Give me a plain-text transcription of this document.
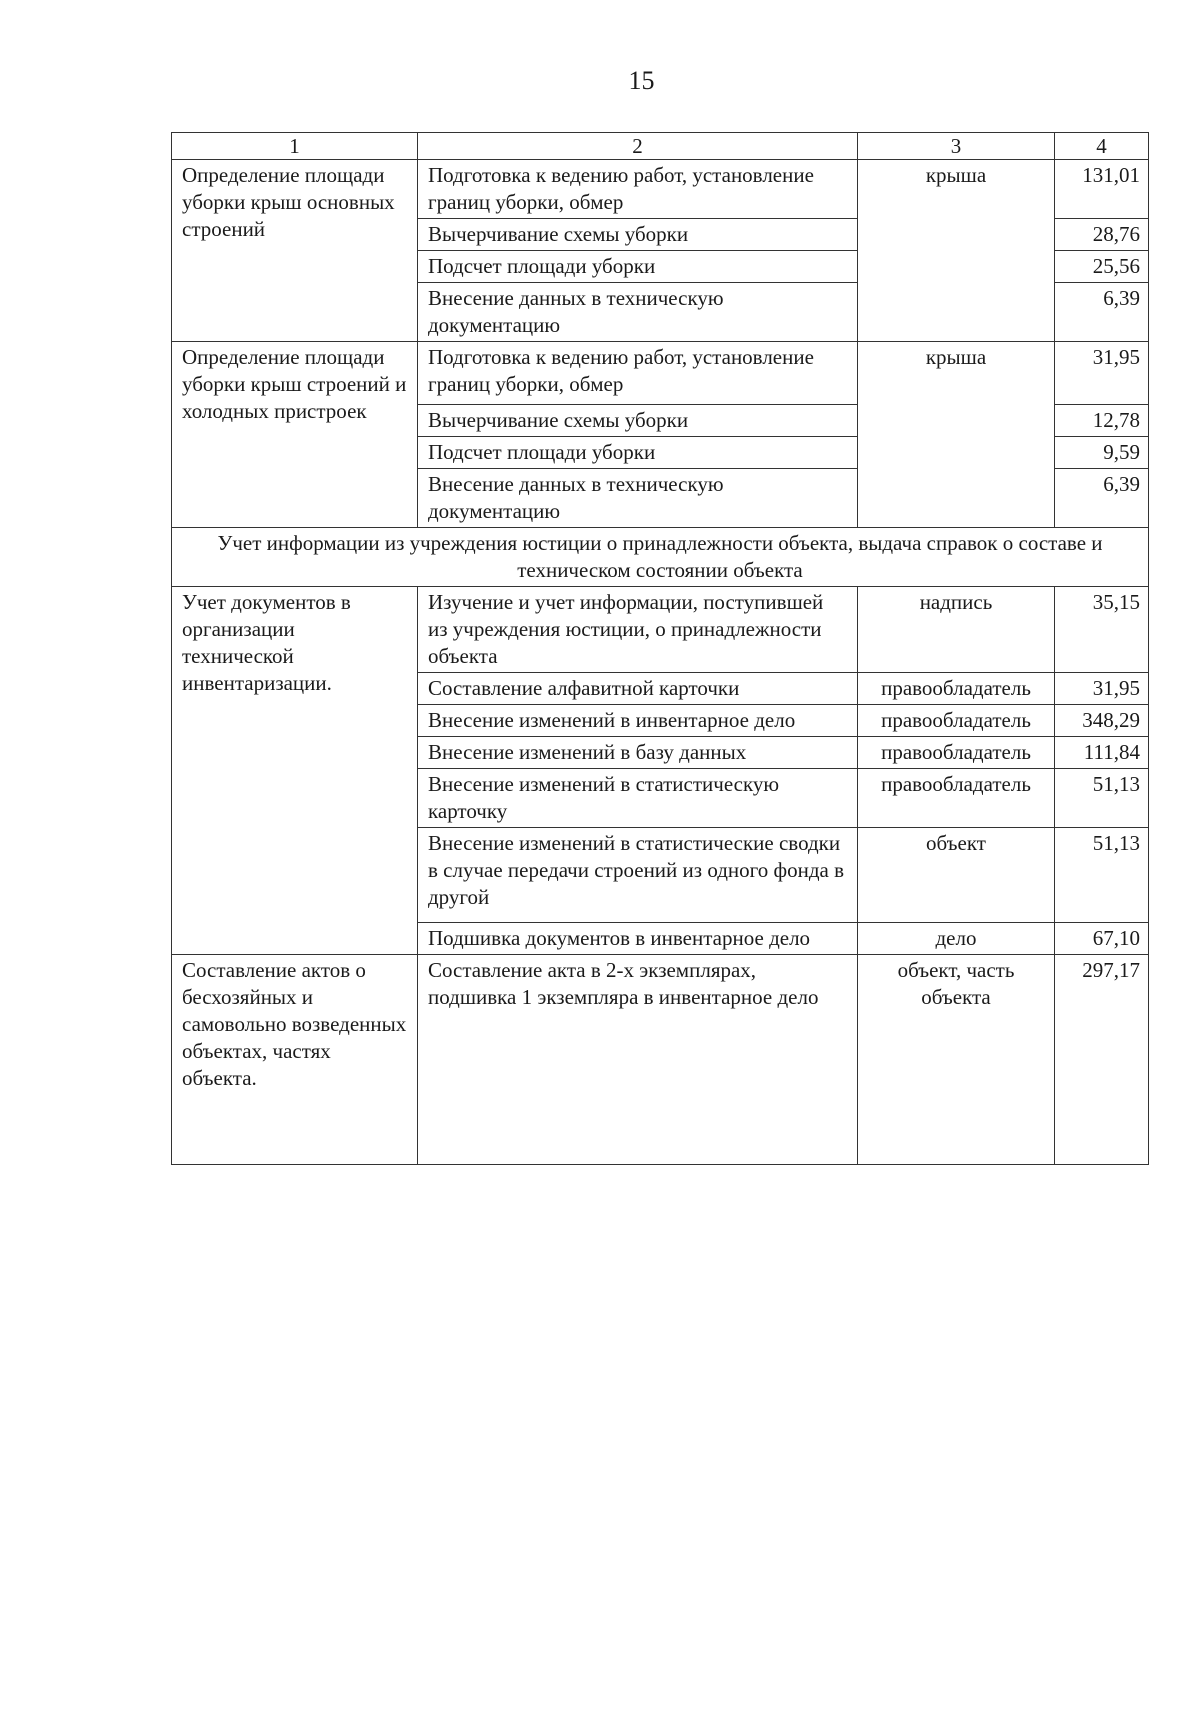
15
1	2	3	4
Определение площади уборки крыш основных строений	Подготовка к ведению работ, установление границ уборки, обмер	крыша	131,01
	Вычерчивание схемы уборки		28,76
	Подсчет площади уборки		25,56
	Внесение данных в техническую документацию		6,39
Определение площади уборки крыш строений и холодных пристроек	Подготовка к ведению работ, установление границ уборки, обмер	крыша	31,95
	Вычерчивание схемы уборки		12,78
	Подсчет площади уборки		9,59
	Внесение данных в техническую документацию		6,39
Учет информации из учреждения юстиции о принадлежности объекта, выдача справок о составе и техническом состоянии объекта			
Учет документов в организации технической инвентаризации.	Изучение и учет информации, поступившей из учреждения юстиции, о принадлежности объекта	надпись	35,15
	Составление алфавитной карточки	правообладатель	31,95
	Внесение изменений в инвентарное дело	правообладатель	348,29
	Внесение изменений в базу данных	правообладатель	111,84
	Внесение изменений в статистическую карточку	правообладатель	51,13
	Внесение изменений в статистические сводки в случае передачи строений из одного фонда в другой	объект	51,13
	Подшивка документов в инвентарное дело	дело	67,10
Составление актов о бесхозяйных и самовольно возведенных объектах, частях объекта.	Составление акта в 2-х экземплярах, подшивка 1 экземпляра в инвентарное дело	объект, часть объекта	297,17
